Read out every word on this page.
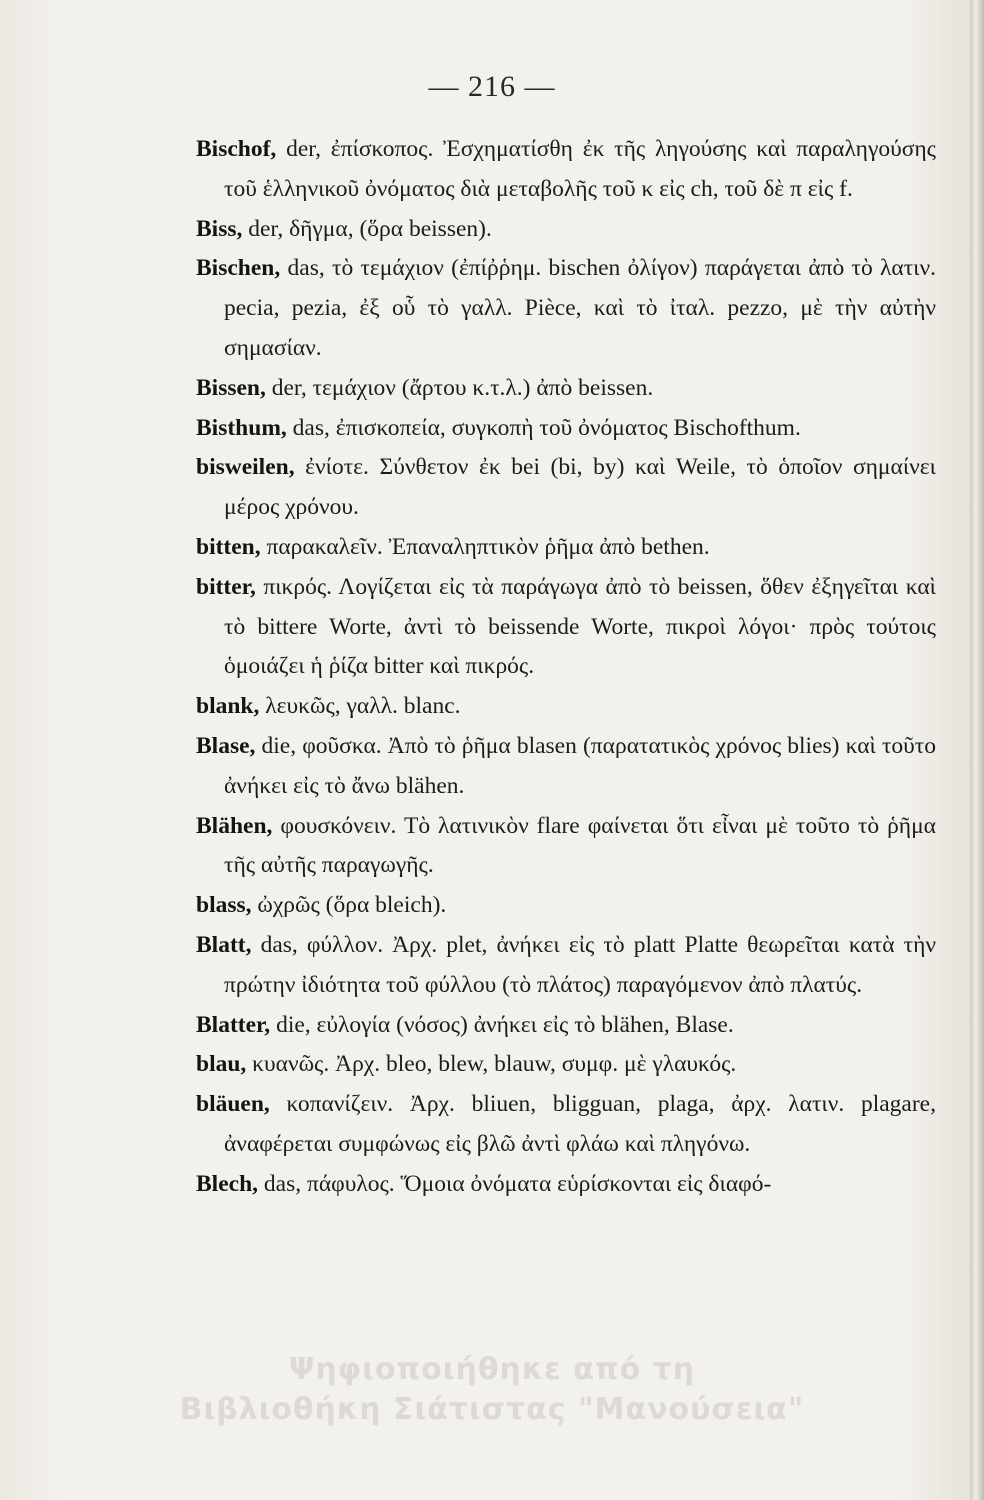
— 216 —
Bischof, der, ἐπίσκοπος. Ἐσχηματίσθη ἐκ τῆς λ‍ηγούσης καὶ παραληγούσης τοῦ ἑλληνικοῦ ὀνόματος διὰ μεταβολῆς τοῦ κ εἰς ch, τοῦ δὲ π εἰς f.
Biss, der, δῆγμα, (ὅρα beissen).
Bischen, das, τὸ τεμάχιον (ἐπίῤῥημ. bischen ὀλίγον) παράγεται ἀπὸ τὸ λατιν. pecia, pezia, ἐξ οὗ τὸ γαλλ. Pièce, καὶ τὸ ἰταλ. pezzo, μὲ τὴν αὐτὴν σημασίαν.
Bissen, der, τεμάχιον (ἄρτου κ.τ.λ.) ἀπὸ beissen.
Bisthum, das, ἐπισκοπεία, συγκοπὴ τοῦ ὀνόματος Bischofthum.
bisweilen, ἐνίοτε. Σύνθετον ἐκ bei (bi, by) καὶ Weile, τὸ ὁποῖον σημαίνει μέρος χρόνου.
bitten, παρακαλεῖν. Ἐπαναληπτικὸν ῥῆμα ἀπὸ bethen.
bitter, πικρός. Λογίζεται εἰς τὰ παράγωγα ἀπὸ τὸ beissen, ὅθεν ἐξηγεῖται καὶ τὸ bittere Worte, ἀντὶ τὸ beissende Worte, πικροὶ λόγοι· πρὸς τούτοις ὁμοιάζει ἡ ῥίζα bitter καὶ πικρός.
blank, λευκῶς, γαλλ. blanc.
Blase, die, φοῦσκα. Ἀπὸ τὸ ῥῆμα blasen (παρατατικὸς χρόνος blies) καὶ τοῦτο ἀνήκει εἰς τὸ ἄνω blähen.
Blähen, φουσκόνειν. Τὸ λατινικὸν flare φαίνεται ὅτι εἶναι μὲ τοῦτο τὸ ῥῆμα τῆς αὐτῆς παραγωγῆς.
blass, ὠχρῶς (ὅρα bleich).
Blatt, das, φύλλον. Ἀρχ. plet, ἀνήκει εἰς τὸ platt Platte θεωρεῖται κατὰ τὴν πρώτην ἰδιότητα τοῦ φύλλου (τὸ πλάτος) παραγόμενον ἀπὸ πλατύς.
Blatter, die, εὐλογία (νόσος) ἀνήκει εἰς τὸ blähen, Blase.
blau, κυανῶς. Ἀρχ. bleo, blew, blauw, συμφ. μὲ γλαυκός.
bläuen, κοπανίζειν. Ἀρχ. bliuen, bligguan, plaga, ἀρχ. λατιν. plagare, ἀναφέρεται συμφώνως εἰς βλῶ ἀντὶ φλάω καὶ πληγόνω.
Blech, das, πάφυλος. Ὅμοια ὀνόματα εὑρίσκονται εἰς διαφό-
Ψηφιοποιήθηκε από τη
Βιβλιοθήκη Σιάτιστας "Μανούσεια"
